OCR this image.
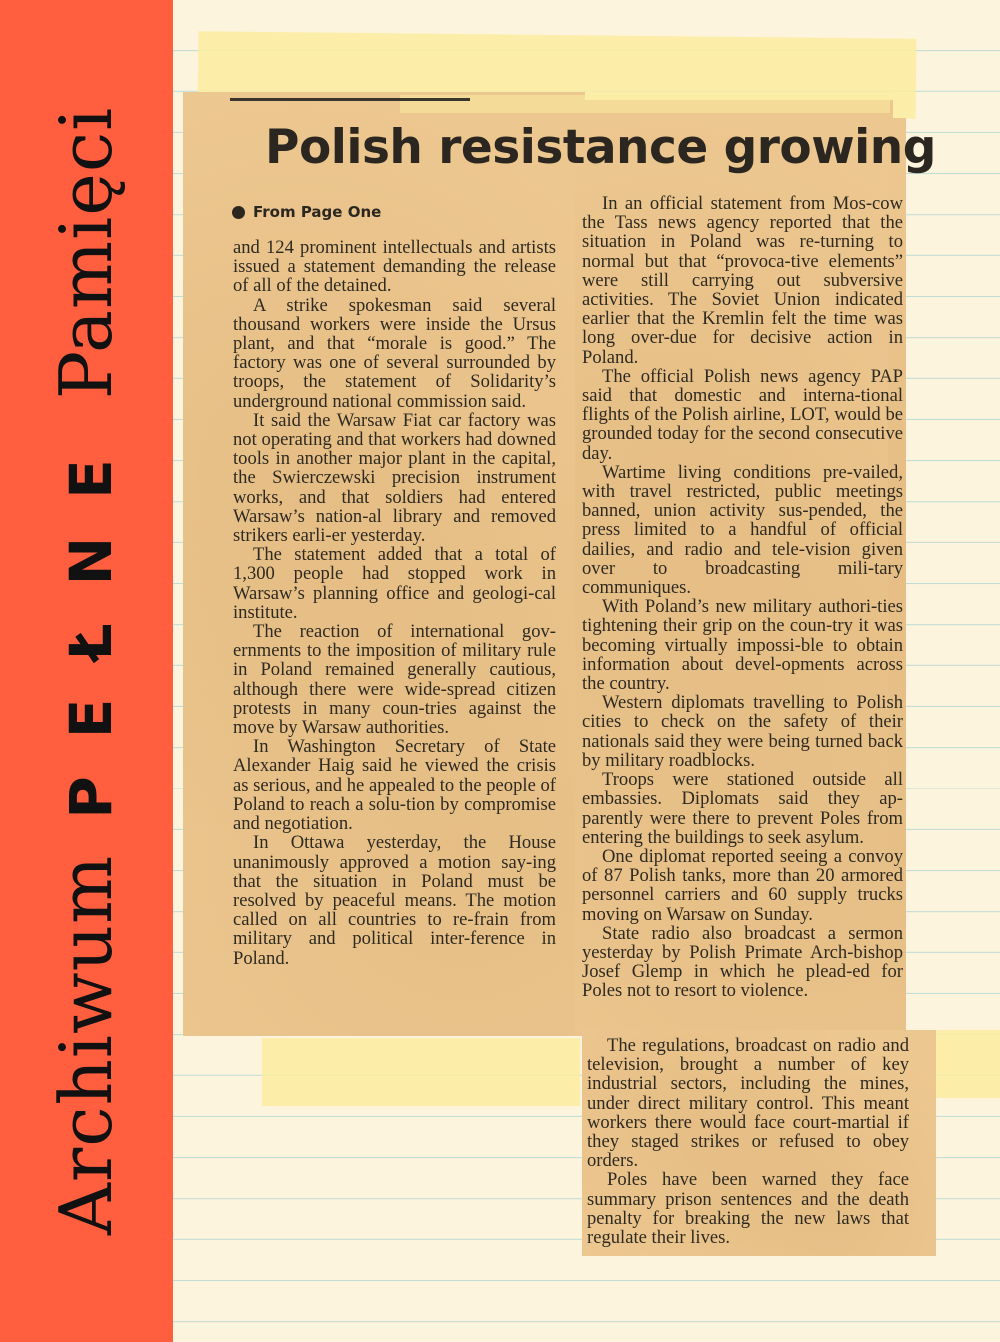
Polish resistance growing
From Page One

and 124 prominent intellectuals and artists issued a statement demanding the release of all of the detained.

A strike spokesman said several thousand workers were inside the Ursus plant, and that “morale is good.” The factory was one of several surrounded by troops, the statement of Solidarity’s underground national commission said.

It said the Warsaw Fiat car factory was not operating and that workers had downed tools in another major plant in the capital, the Swierczewski precision instrument works, and that soldiers had entered Warsaw’s nation-al library and removed strikers earli-er yesterday.

The statement added that a total of 1,300 people had stopped work in Warsaw’s planning office and geologi-cal institute.

The reaction of international gov-ernments to the imposition of military rule in Poland remained generally cautious, although there were wide-spread citizen protests in many coun-tries against the move by Warsaw authorities.

In Washington Secretary of State Alexander Haig said he viewed the crisis as serious, and he appealed to the people of Poland to reach a solu-tion by compromise and negotiation.

In Ottawa yesterday, the House unanimously approved a motion say-ing that the situation in Poland must be resolved by peaceful means. The motion called on all countries to re-frain from military and political inter-ference in Poland.

In an official statement from Mos-cow the Tass news agency reported that the situation in Poland was re-turning to normal but that “provoca-tive elements” were still carrying out subversive activities. The Soviet Union indicated earlier that the Kremlin felt the time was long over-due for decisive action in Poland.

The official Polish news agency PAP said that domestic and interna-tional flights of the Polish airline, LOT, would be grounded today for the second consecutive day.

Wartime living conditions pre-vailed, with travel restricted, public meetings banned, union activity sus-pended, the press limited to a handful of official dailies, and radio and tele-vision given over to broadcasting mili-tary communiques.

With Poland’s new military authori-ties tightening their grip on the coun-try it was becoming virtually impossi-ble to obtain information about devel-opments across the country.

Western diplomats travelling to Polish cities to check on the safety of their nationals said they were being turned back by military roadblocks.

Troops were stationed outside all embassies. Diplomats said they ap-parently were there to prevent Poles from entering the buildings to seek asylum.

One diplomat reported seeing a convoy of 87 Polish tanks, more than 20 armored personnel carriers and 60 supply trucks moving on Warsaw on Sunday.

State radio also broadcast a sermon yesterday by Polish Primate Arch-bishop Josef Glemp in which he plead-ed for Poles not to resort to violence.

The regulations, broadcast on radio and television, brought a number of key industrial sectors, including the mines, under direct military control. This meant workers there would face court-martial if they staged strikes or refused to obey orders.

Poles have been warned they face summary prison sentences and the death penalty for breaking the new laws that regulate their lives.

Archiwum
PEŁNE
Pamięci
